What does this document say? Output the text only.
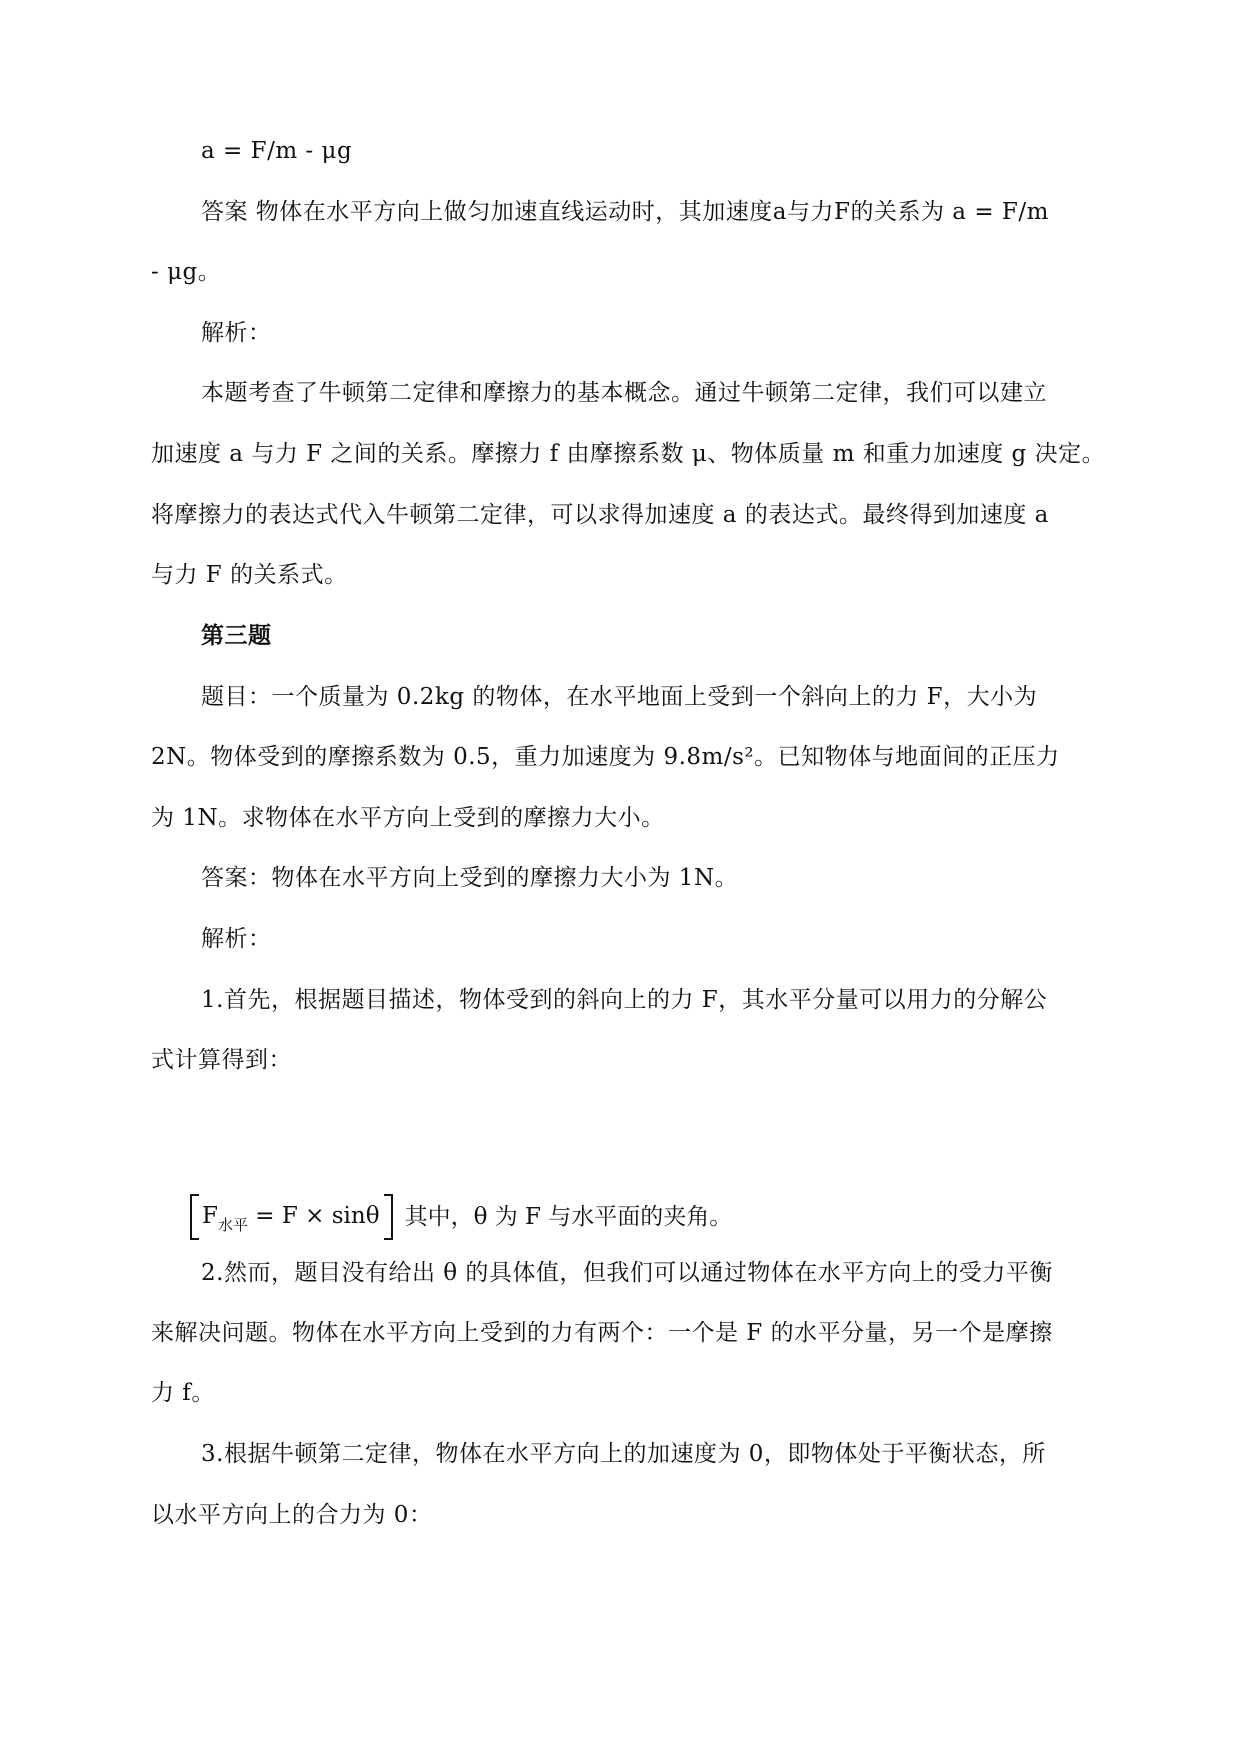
a = F/m - μg
答案 物体在水平方向上做匀加速直线运动时，其加速度a与力F的关系为 a = F/m
- μg。
解析：
本题考查了牛顿第二定律和摩擦力的基本概念。通过牛顿第二定律，我们可以建立
加速度 a 与力 F 之间的关系。摩擦力 f 由摩擦系数 μ、物体质量 m 和重力加速度 g 决定。
将摩擦力的表达式代入牛顿第二定律，可以求得加速度 a 的表达式。最终得到加速度 a
与力 F 的关系式。
第三题
题目：一个质量为 0.2kg 的物体，在水平地面上受到一个斜向上的力 F，大小为
2N。物体受到的摩擦系数为 0.5，重力加速度为 9.8m/s²。已知物体与地面间的正压力
为 1N。求物体在水平方向上受到的摩擦力大小。
答案：物体在水平方向上受到的摩擦力大小为 1N。
解析：
1.首先，根据题目描述，物体受到的斜向上的力 F，其水平分量可以用力的分解公
式计算得到：
$F_{水平} = F \times \sin\theta$ 其中，θ 为 F 与水平面的夹角。
2.然而，题目没有给出 θ 的具体值，但我们可以通过物体在水平方向上的受力平衡
来解决问题。物体在水平方向上受到的力有两个：一个是 F 的水平分量，另一个是摩擦
力 f。
3.根据牛顿第二定律，物体在水平方向上的加速度为 0，即物体处于平衡状态，所
以水平方向上的合力为 0：
